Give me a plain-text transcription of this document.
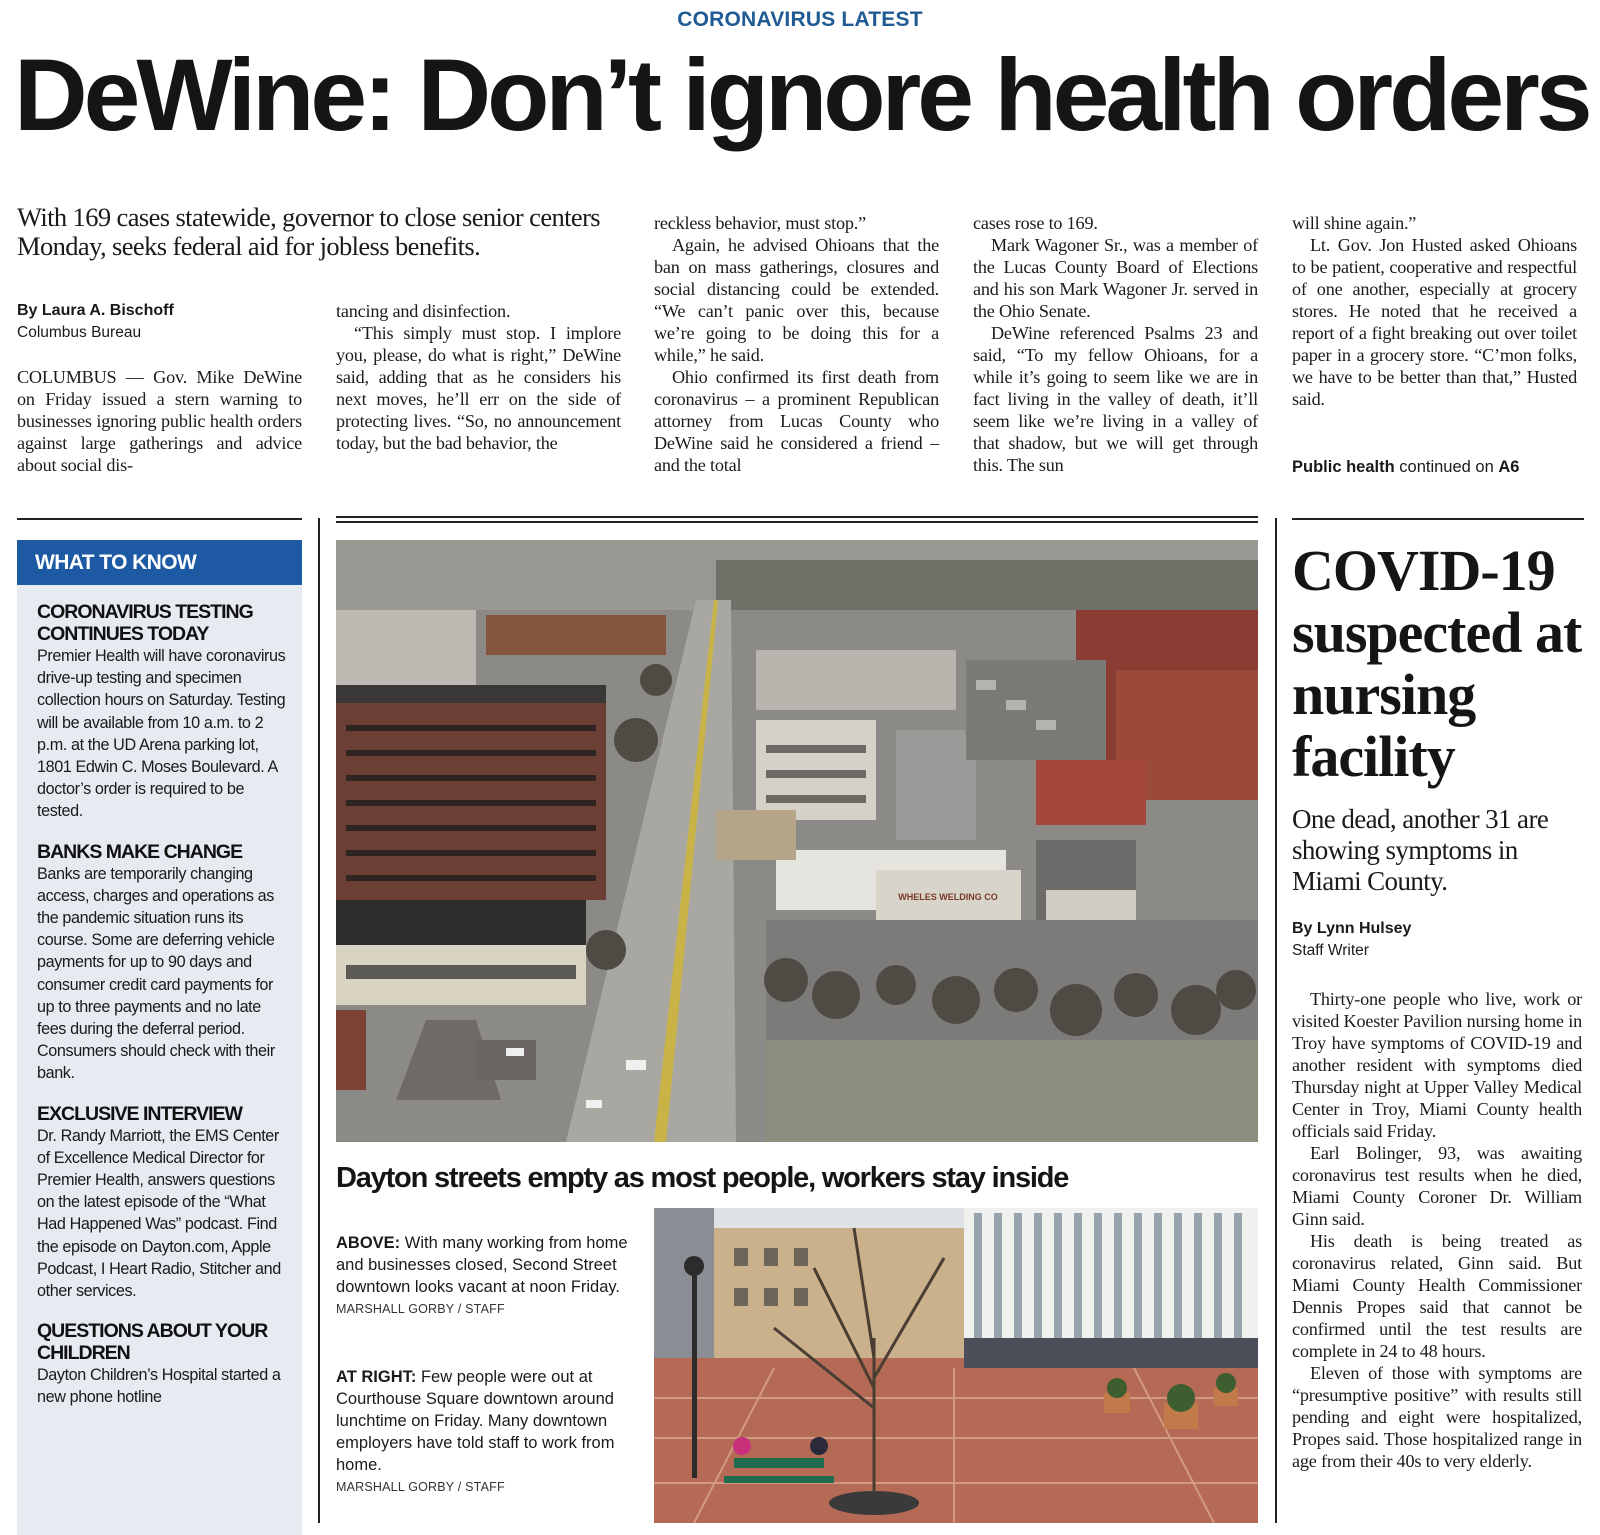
CORONAVIRUS LATEST
DeWine: Don’t ignore health orders
With 169 cases statewide, governor to close senior centers Monday, seeks federal aid for jobless benefits.
By Laura A. Bischoff
Columbus Bureau

COLUMBUS — Gov. Mike DeWine on Friday issued a stern warning to businesses ignoring public health orders against large gatherings and advice about social dis-

tancing and disinfection.

“This simply must stop. I implore you, please, do what is right,” DeWine said, adding that as he considers his next moves, he’ll err on the side of protecting lives. “So, no announcement today, but the bad behavior, the

reckless behavior, must stop.”

Again, he advised Ohioans that the ban on mass gatherings, closures and social distancing could be extended. “We can’t panic over this, because we’re going to be doing this for a while,” he said.

Ohio confirmed its first death from coronavirus – a prominent Republican attorney from Lucas County who DeWine said he considered a friend – and the total

cases rose to 169.

Mark Wagoner Sr., was a member of the Lucas County Board of Elections and his son Mark Wagoner Jr. served in the Ohio Senate.

DeWine referenced Psalms 23 and said, “To my fellow Ohioans, for a while it’s going to seem like we are in fact living in the valley of death, it’ll seem like we’re living in a valley of that shadow, but we will get through this. The sun

will shine again.”

Lt. Gov. Jon Husted asked Ohioans to be patient, cooperative and respectful of one another, especially at grocery stores. He noted that he received a report of a fight breaking out over toilet paper in a grocery store. “C’mon folks, we have to be better than that,” Husted said.

Public health continued on A6
WHAT TO KNOW
CORONAVIRUS TESTING CONTINUES TODAY
Premier Health will have coronavirus drive-up testing and specimen collection hours on Saturday. Testing will be available from 10 a.m. to 2 p.m. at the UD Arena parking lot, 1801 Edwin C. Moses Boulevard. A doctor’s order is required to be tested.
BANKS MAKE CHANGE
Banks are temporarily changing access, charges and operations as the pandemic situation runs its course. Some are deferring vehicle payments for up to 90 days and consumer credit card payments for up to three payments and no late fees during the deferral period. Consumers should check with their bank.
EXCLUSIVE INTERVIEW
Dr. Randy Marriott, the EMS Center of Excellence Medical Director for Premier Health, answers questions on the latest episode of the “What Had Happened Was” podcast. Find the episode on Dayton.com, Apple Podcast, I Heart Radio, Stitcher and other services.
QUESTIONS ABOUT YOUR CHILDREN
Dayton Children’s Hospital started a new phone hotline
WHELES WELDING CO
Dayton streets empty as most people, workers stay inside
ABOVE: With many working from home and businesses closed, Second Street downtown looks vacant at noon Friday.
MARSHALL GORBY / STAFF
AT RIGHT: Few people were out at Courthouse Square downtown around lunchtime on Friday. Many downtown employers have told staff to work from home.
MARSHALL GORBY / STAFF
COVID-19 suspected at nursing facility
One dead, another 31 are showing symptoms in Miami County.
By Lynn Hulsey
Staff Writer

Thirty-one people who live, work or visited Koester Pavilion nursing home in Troy have symptoms of COVID-19 and another resident with symptoms died Thursday night at Upper Valley Medical Center in Troy, Miami County health officials said Friday.

Earl Bolinger, 93, was awaiting coronavirus test results when he died, Miami County Coroner Dr. William Ginn said.

His death is being treated as coronavirus related, Ginn said. But Miami County Health Commissioner Dennis Propes said that cannot be confirmed until the test results are complete in 24 to 48 hours.

Eleven of those with symptoms are “presumptive positive” with results still pending and eight were hospitalized, Propes said. Those hospitalized range in age from their 40s to very elderly.
